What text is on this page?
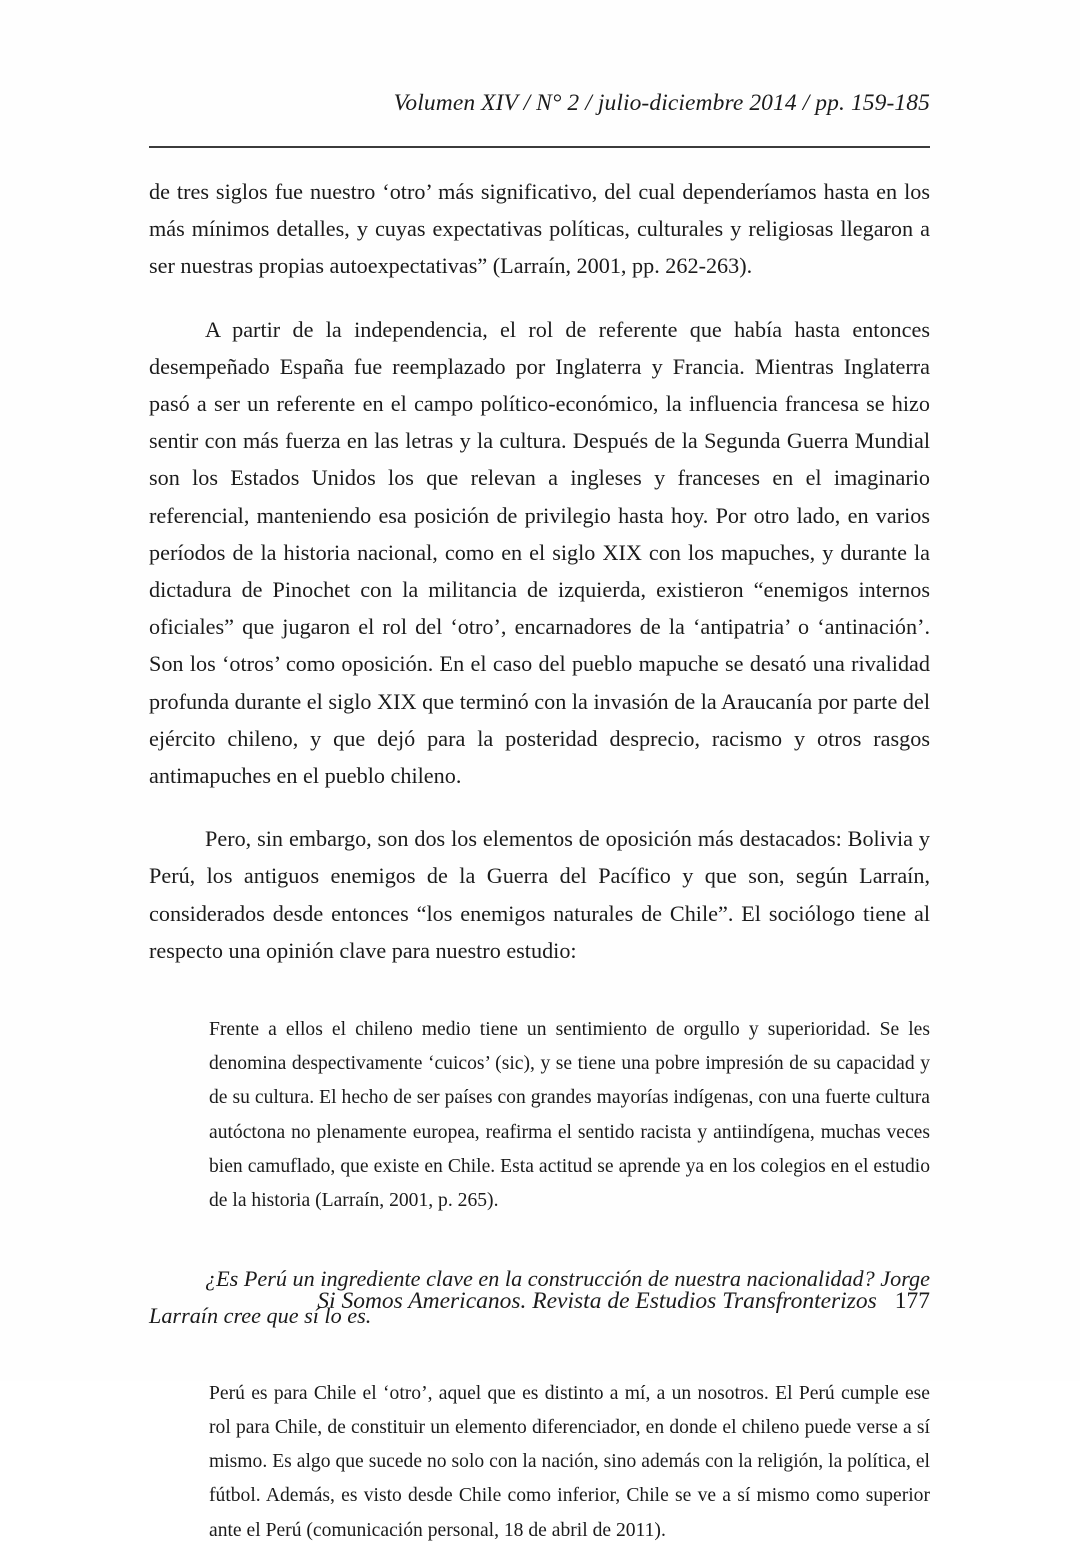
Volumen XIV / N° 2 / julio-diciembre 2014 / pp. 159-185

de tres siglos fue nuestro ‘otro’ más significativo, del cual dependeríamos hasta en los más mínimos detalles, y cuyas expectativas políticas, culturales y religiosas llegaron a ser nuestras propias autoexpectativas” (Larraín, 2001, pp. 262-263).

A partir de la independencia, el rol de referente que había hasta entonces desempeñado España fue reemplazado por Inglaterra y Francia. Mientras Inglaterra pasó a ser un referente en el campo político-económico, la influencia francesa se hizo sentir con más fuerza en las letras y la cultura. Después de la Segunda Guerra Mundial son los Estados Unidos los que relevan a ingleses y franceses en el imaginario referencial, manteniendo esa posición de privilegio hasta hoy. Por otro lado, en varios períodos de la historia nacional, como en el siglo XIX con los mapuches, y durante la dictadura de Pinochet con la militancia de izquierda, existieron “enemigos internos oficiales” que jugaron el rol del ‘otro’, encarnadores de la ‘antipatria’ o ‘antinación’. Son los ‘otros’ como oposición. En el caso del pueblo mapuche se desató una rivalidad profunda durante el siglo XIX que terminó con la invasión de la Araucanía por parte del ejército chileno, y que dejó para la posteridad desprecio, racismo y otros rasgos antimapuches en el pueblo chileno.

Pero, sin embargo, son dos los elementos de oposición más destacados: Bolivia y Perú, los antiguos enemigos de la Guerra del Pacífico y que son, según Larraín, considerados desde entonces “los enemigos naturales de Chile”. El sociólogo tiene al respecto una opinión clave para nuestro estudio:

Frente a ellos el chileno medio tiene un sentimiento de orgullo y superioridad. Se les denomina despectivamente ‘cuicos’ (sic), y se tiene una pobre impresión de su capacidad y de su cultura. El hecho de ser países con grandes mayorías indígenas, con una fuerte cultura autóctona no plenamente europea, reafirma el sentido racista y antiindígena, muchas veces bien camuflado, que existe en Chile. Esta actitud se aprende ya en los colegios en el estudio de la historia (Larraín, 2001, p. 265).

¿Es Perú un ingrediente clave en la construcción de nuestra nacionalidad? Jorge Larraín cree que sí lo es.

Perú es para Chile el ‘otro’, aquel que es distinto a mí, a un nosotros. El Perú cumple ese rol para Chile, de constituir un elemento diferenciador, en donde el chileno puede verse a sí mismo. Es algo que sucede no solo con la nación, sino además con la religión, la política, el fútbol. Además, es visto desde Chile como inferior, Chile se ve a sí mismo como superior ante el Perú (comunicación personal, 18 de abril de 2011).

Si Somos Americanos. Revista de Estudios Transfronterizos 177
